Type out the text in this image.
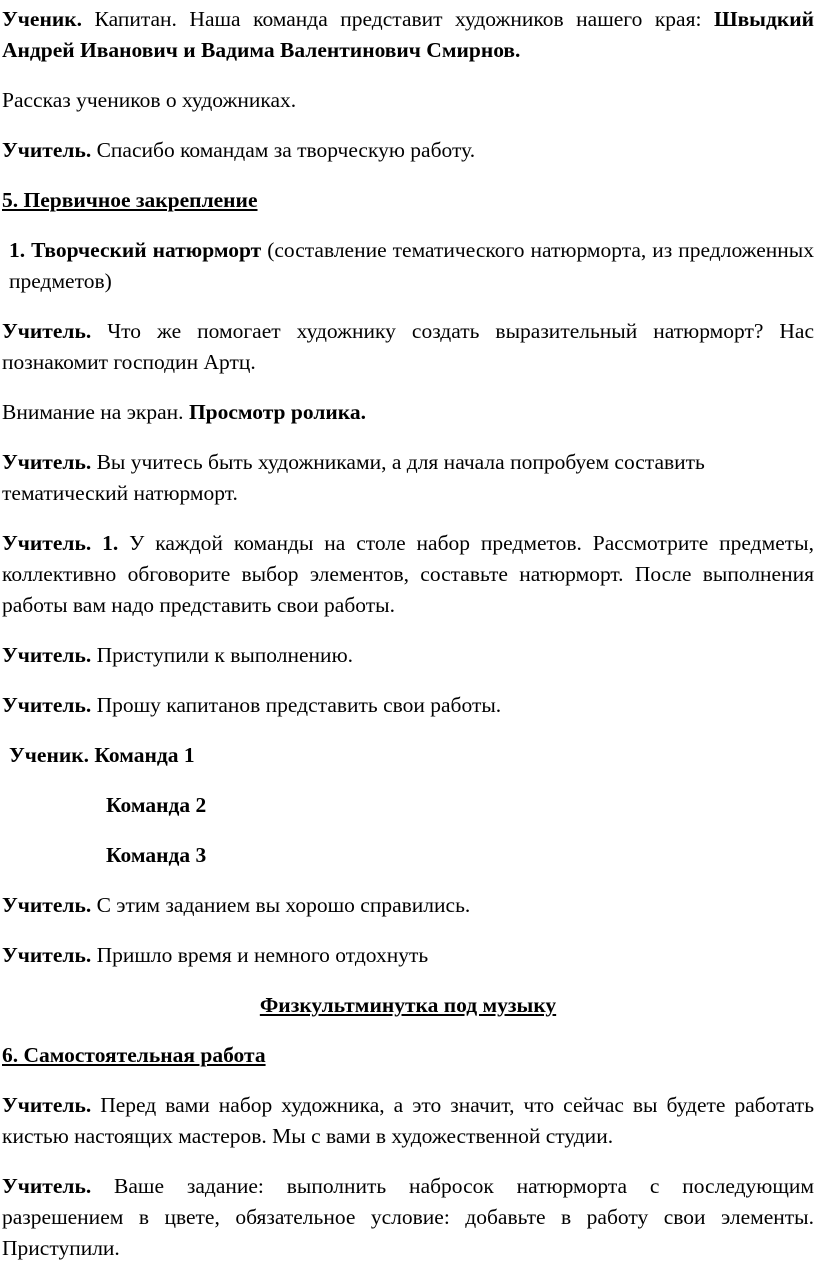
Ученик. Капитан. Наша команда представит художников нашего края: Швыдкий Андрей Иванович и Вадима Валентинович Смирнов.

Рассказ учеников о художниках.

Учитель. Спасибо командам за творческую работу.

5. Первичное закрепление

1. Творческий натюрморт (составление тематического натюрморта, из предложенных предметов)

Учитель. Что же помогает художнику создать выразительный натюрморт? Нас познакомит господин Артц.

Внимание на экран. Просмотр ролика.

Учитель. Вы учитесь быть художниками, а для начала попробуем составить тематический натюрморт.

Учитель. 1. У каждой команды на столе набор предметов. Рассмотрите предметы, коллективно обговорите выбор элементов, составьте натюрморт. После выполнения работы вам надо представить свои работы.

Учитель. Приступили к выполнению.

Учитель. Прошу капитанов представить свои работы.

Ученик. Команда 1

Команда 2

Команда 3

Учитель. С этим заданием вы хорошо справились.

Учитель. Пришло время и немного отдохнуть

Физкультминутка под музыку

6. Самостоятельная работа

Учитель. Перед вами набор художника, а это значит, что сейчас вы будете работать кистью настоящих мастеров. Мы с вами в художественной студии.

Учитель. Ваше задание: выполнить набросок натюрморта с последующим разрешением в цвете, обязательное условие: добавьте в работу свои элементы. Приступили.
